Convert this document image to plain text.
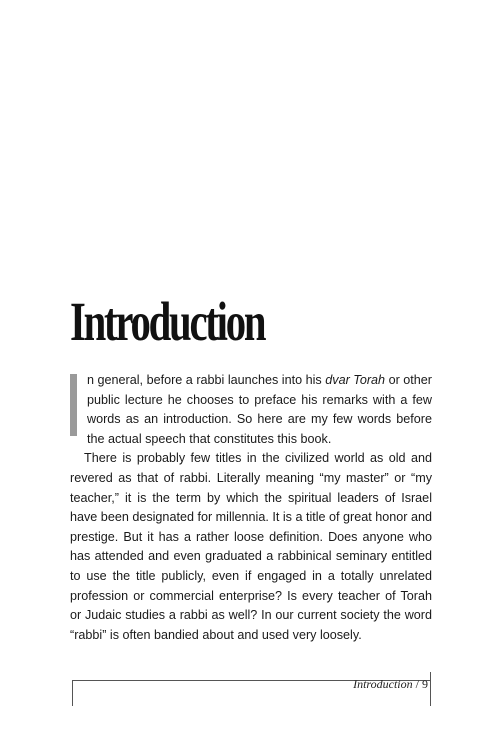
Introduction

n general, before a rabbi launches into his dvar Torah or other public lecture he chooses to preface his remarks with a few words as an introduction. So here are my few words before the actual speech that constitutes this book.

There is probably few titles in the civilized world as old and revered as that of rabbi. Literally meaning “my master” or “my teacher,” it is the term by which the spiritual leaders of Israel have been designated for millennia. It is a title of great honor and prestige. But it has a rather loose definition. Does anyone who has attended and even graduated a rabbinical seminary entitled to use the title publicly, even if engaged in a totally unrelated profession or commercial enterprise? Is every teacher of Torah or Judaic studies a rabbi as well? In our current society the word “rabbi” is often bandied about and used very loosely.

Introduction / 9
